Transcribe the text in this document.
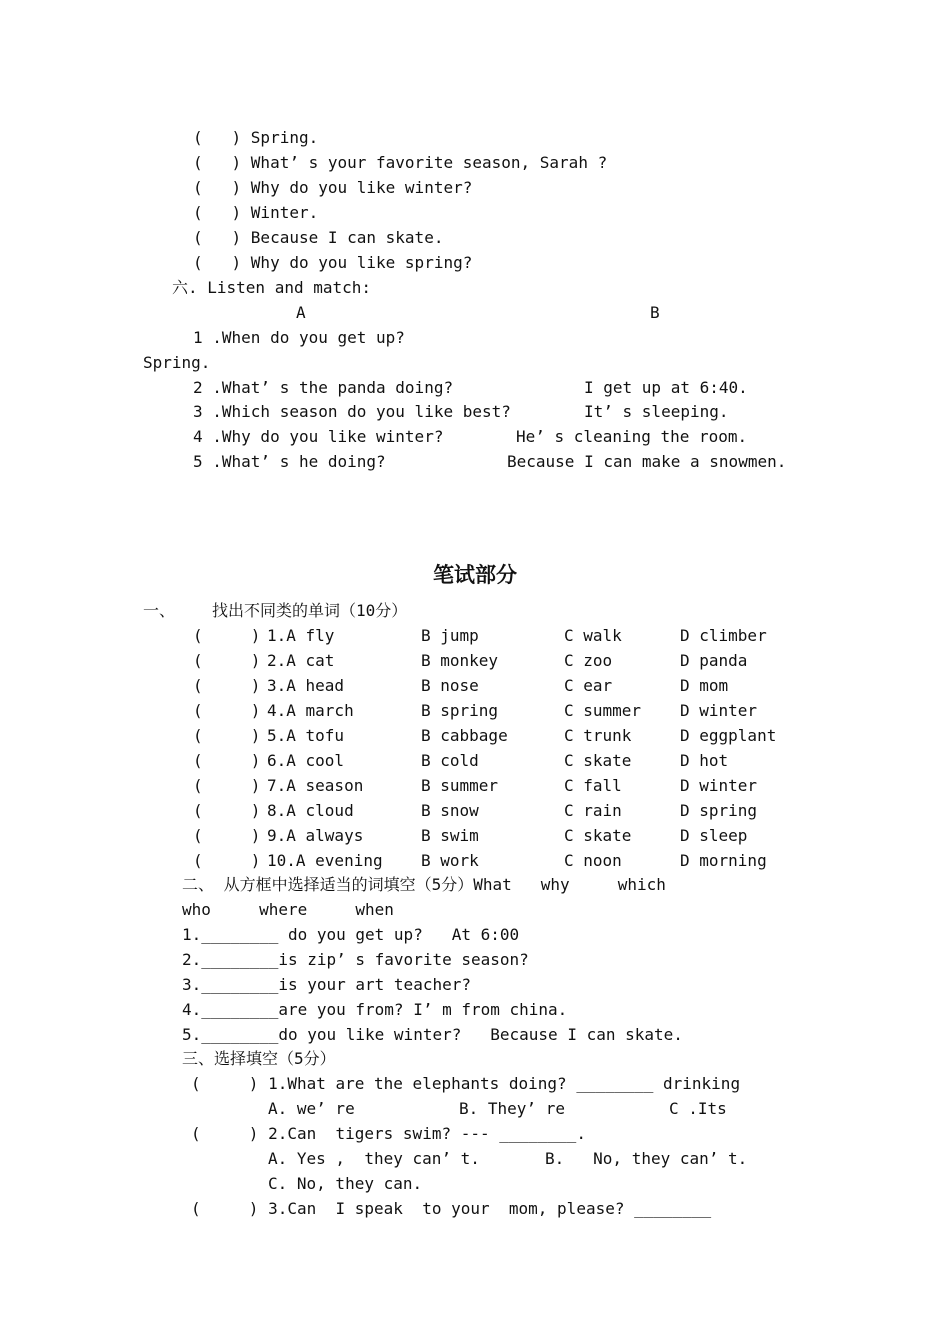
(   ) Spring.
(   ) What’ s your favorite season, Sarah ?
(   ) Why do you like winter?
(   ) Winter.
(   ) Because I can skate.
(   ) Why do you like spring?
六. Listen and match:
A	B
1 .When do you get up?
Spring.
2 .What’ s the panda doing?	I get up at 6:40.
3 .Which season do you like best?	It’ s sleeping.
4 .Why do you like winter?	He’ s cleaning the room.
5 .What’ s he doing?	Because I can make a snowmen.
笔试部分
一、 找出不同类的单词（10分）
(     ) 1.A fly	B jump	C walk	D climber
(     ) 2.A cat	B monkey	C zoo	D panda
(     ) 3.A head	B nose	C ear	D mom
(     ) 4.A march	B spring	C summer D winter
(     ) 5.A tofu	B cabbage	C trunk	D eggplant
(     ) 6.A cool	B cold	C skate	D hot
(     ) 7.A season	B summer	C fall	D winter
(     ) 8.A cloud	B snow	C rain	D spring
(     ) 9.A always	B swim	C skate	D sleep
(     ) 10.A evening B work	C noon	D morning
二、 从方框中选择适当的词填空（5分）What   why     which
who     where     when
1.________ do you get up?   At 6:00
2.________is zip’ s favorite season?
3.________is your art teacher?
4.________are you from? I’ m from china.
5.________do you like winter?   Because I can skate.
三、选择填空（5分）
(     ) 1.What are the elephants doing? ________ drinking
A. we’ re	B. They’ re	C .Its
(     ) 2.Can  tigers swim? --- ________.
A. Yes ,  they can’ t.	B.   No, they can’ t.
C. No, they can.
(     ) 3.Can  I speak  to your  mom, please? ________
